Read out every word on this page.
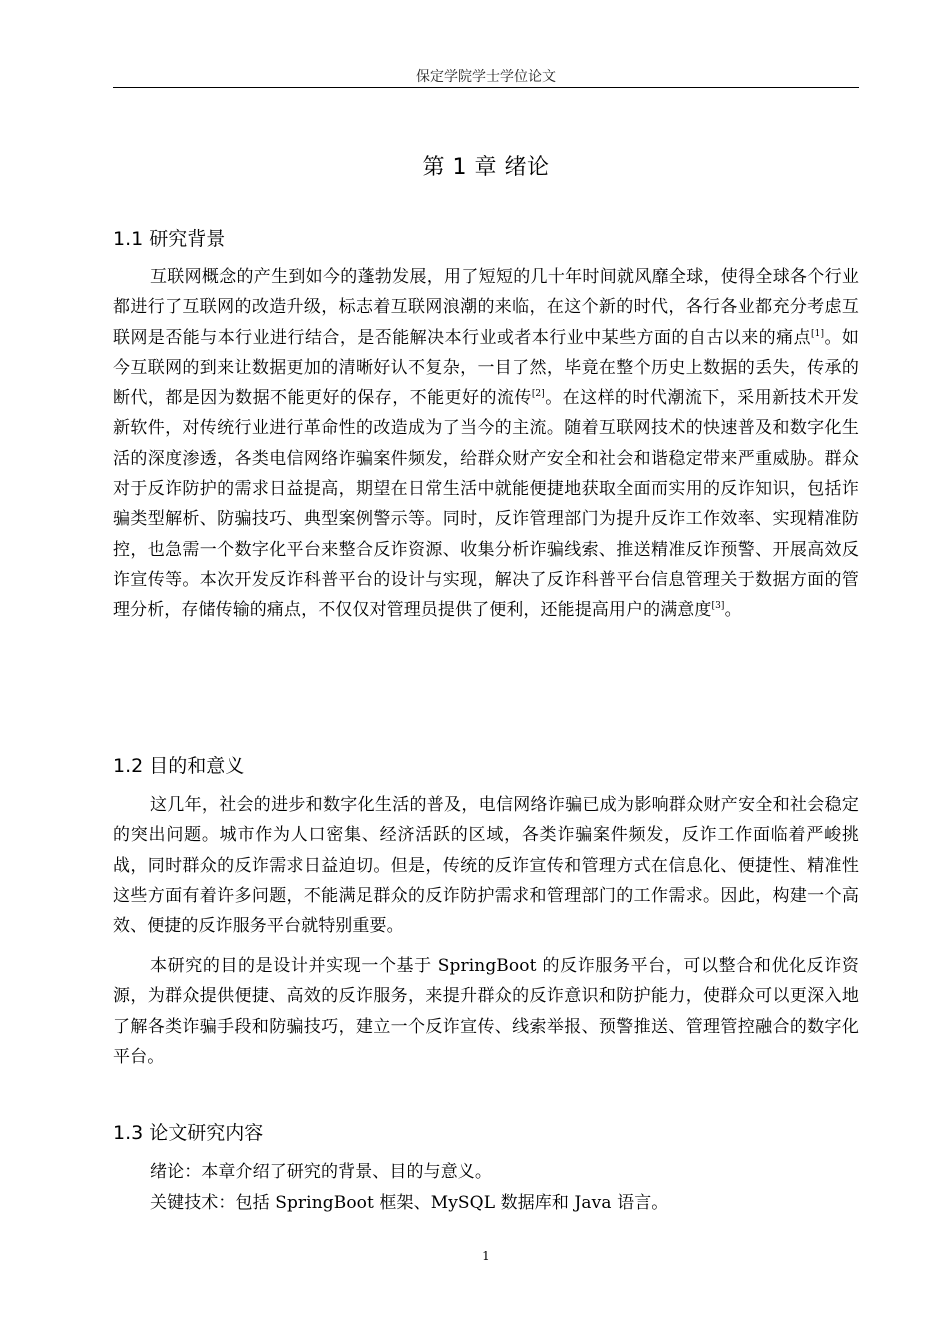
保定学院学士学位论文
第 1 章 绪论
1.1 研究背景

互联网概念的产生到如今的蓬勃发展，用了短短的几十年时间就风靡全球，使得全球各个行业都进行了互联网的改造升级，标志着互联网浪潮的来临，在这个新的时代，各行各业都充分考虑互联网是否能与本行业进行结合，是否能解决本行业或者本行业中某些方面的自古以来的痛点[1]。如今互联网的到来让数据更加的清晰好认不复杂，一目了然，毕竟在整个历史上数据的丢失，传承的断代，都是因为数据不能更好的保存，不能更好的流传[2]。在这样的时代潮流下，采用新技术开发新软件，对传统行业进行革命性的改造成为了当今的主流。随着互联网技术的快速普及和数字化生活的深度渗透，各类电信网络诈骗案件频发，给群众财产安全和社会和谐稳定带来严重威胁。群众对于反诈防护的需求日益提高，期望在日常生活中就能便捷地获取全面而实用的反诈知识，包括诈骗类型解析、防骗技巧、典型案例警示等。同时，反诈管理部门为提升反诈工作效率、实现精准防控，也急需一个数字化平台来整合反诈资源、收集分析诈骗线索、推送精准反诈预警、开展高效反诈宣传等。本次开发反诈科普平台的设计与实现，解决了反诈科普平台信息管理关于数据方面的管理分析，存储传输的痛点，不仅仅对管理员提供了便利，还能提高用户的满意度[3]。

1.2 目的和意义

这几年，社会的进步和数字化生活的普及，电信网络诈骗已成为影响群众财产安全和社会稳定的突出问题。城市作为人口密集、经济活跃的区域，各类诈骗案件频发，反诈工作面临着严峻挑战，同时群众的反诈需求日益迫切。但是，传统的反诈宣传和管理方式在信息化、便捷性、精准性这些方面有着许多问题，不能满足群众的反诈防护需求和管理部门的工作需求。因此，构建一个高效、便捷的反诈服务平台就特别重要。

本研究的目的是设计并实现一个基于 SpringBoot 的反诈服务平台，可以整合和优化反诈资源，为群众提供便捷、高效的反诈服务，来提升群众的反诈意识和防护能力，使群众可以更深入地了解各类诈骗手段和防骗技巧，建立一个反诈宣传、线索举报、预警推送、管理管控融合的数字化平台。

1.3 论文研究内容

绪论：本章介绍了研究的背景、目的与意义。

关键技术：包括 SpringBoot 框架、MySQL 数据库和 Java 语言。

1
